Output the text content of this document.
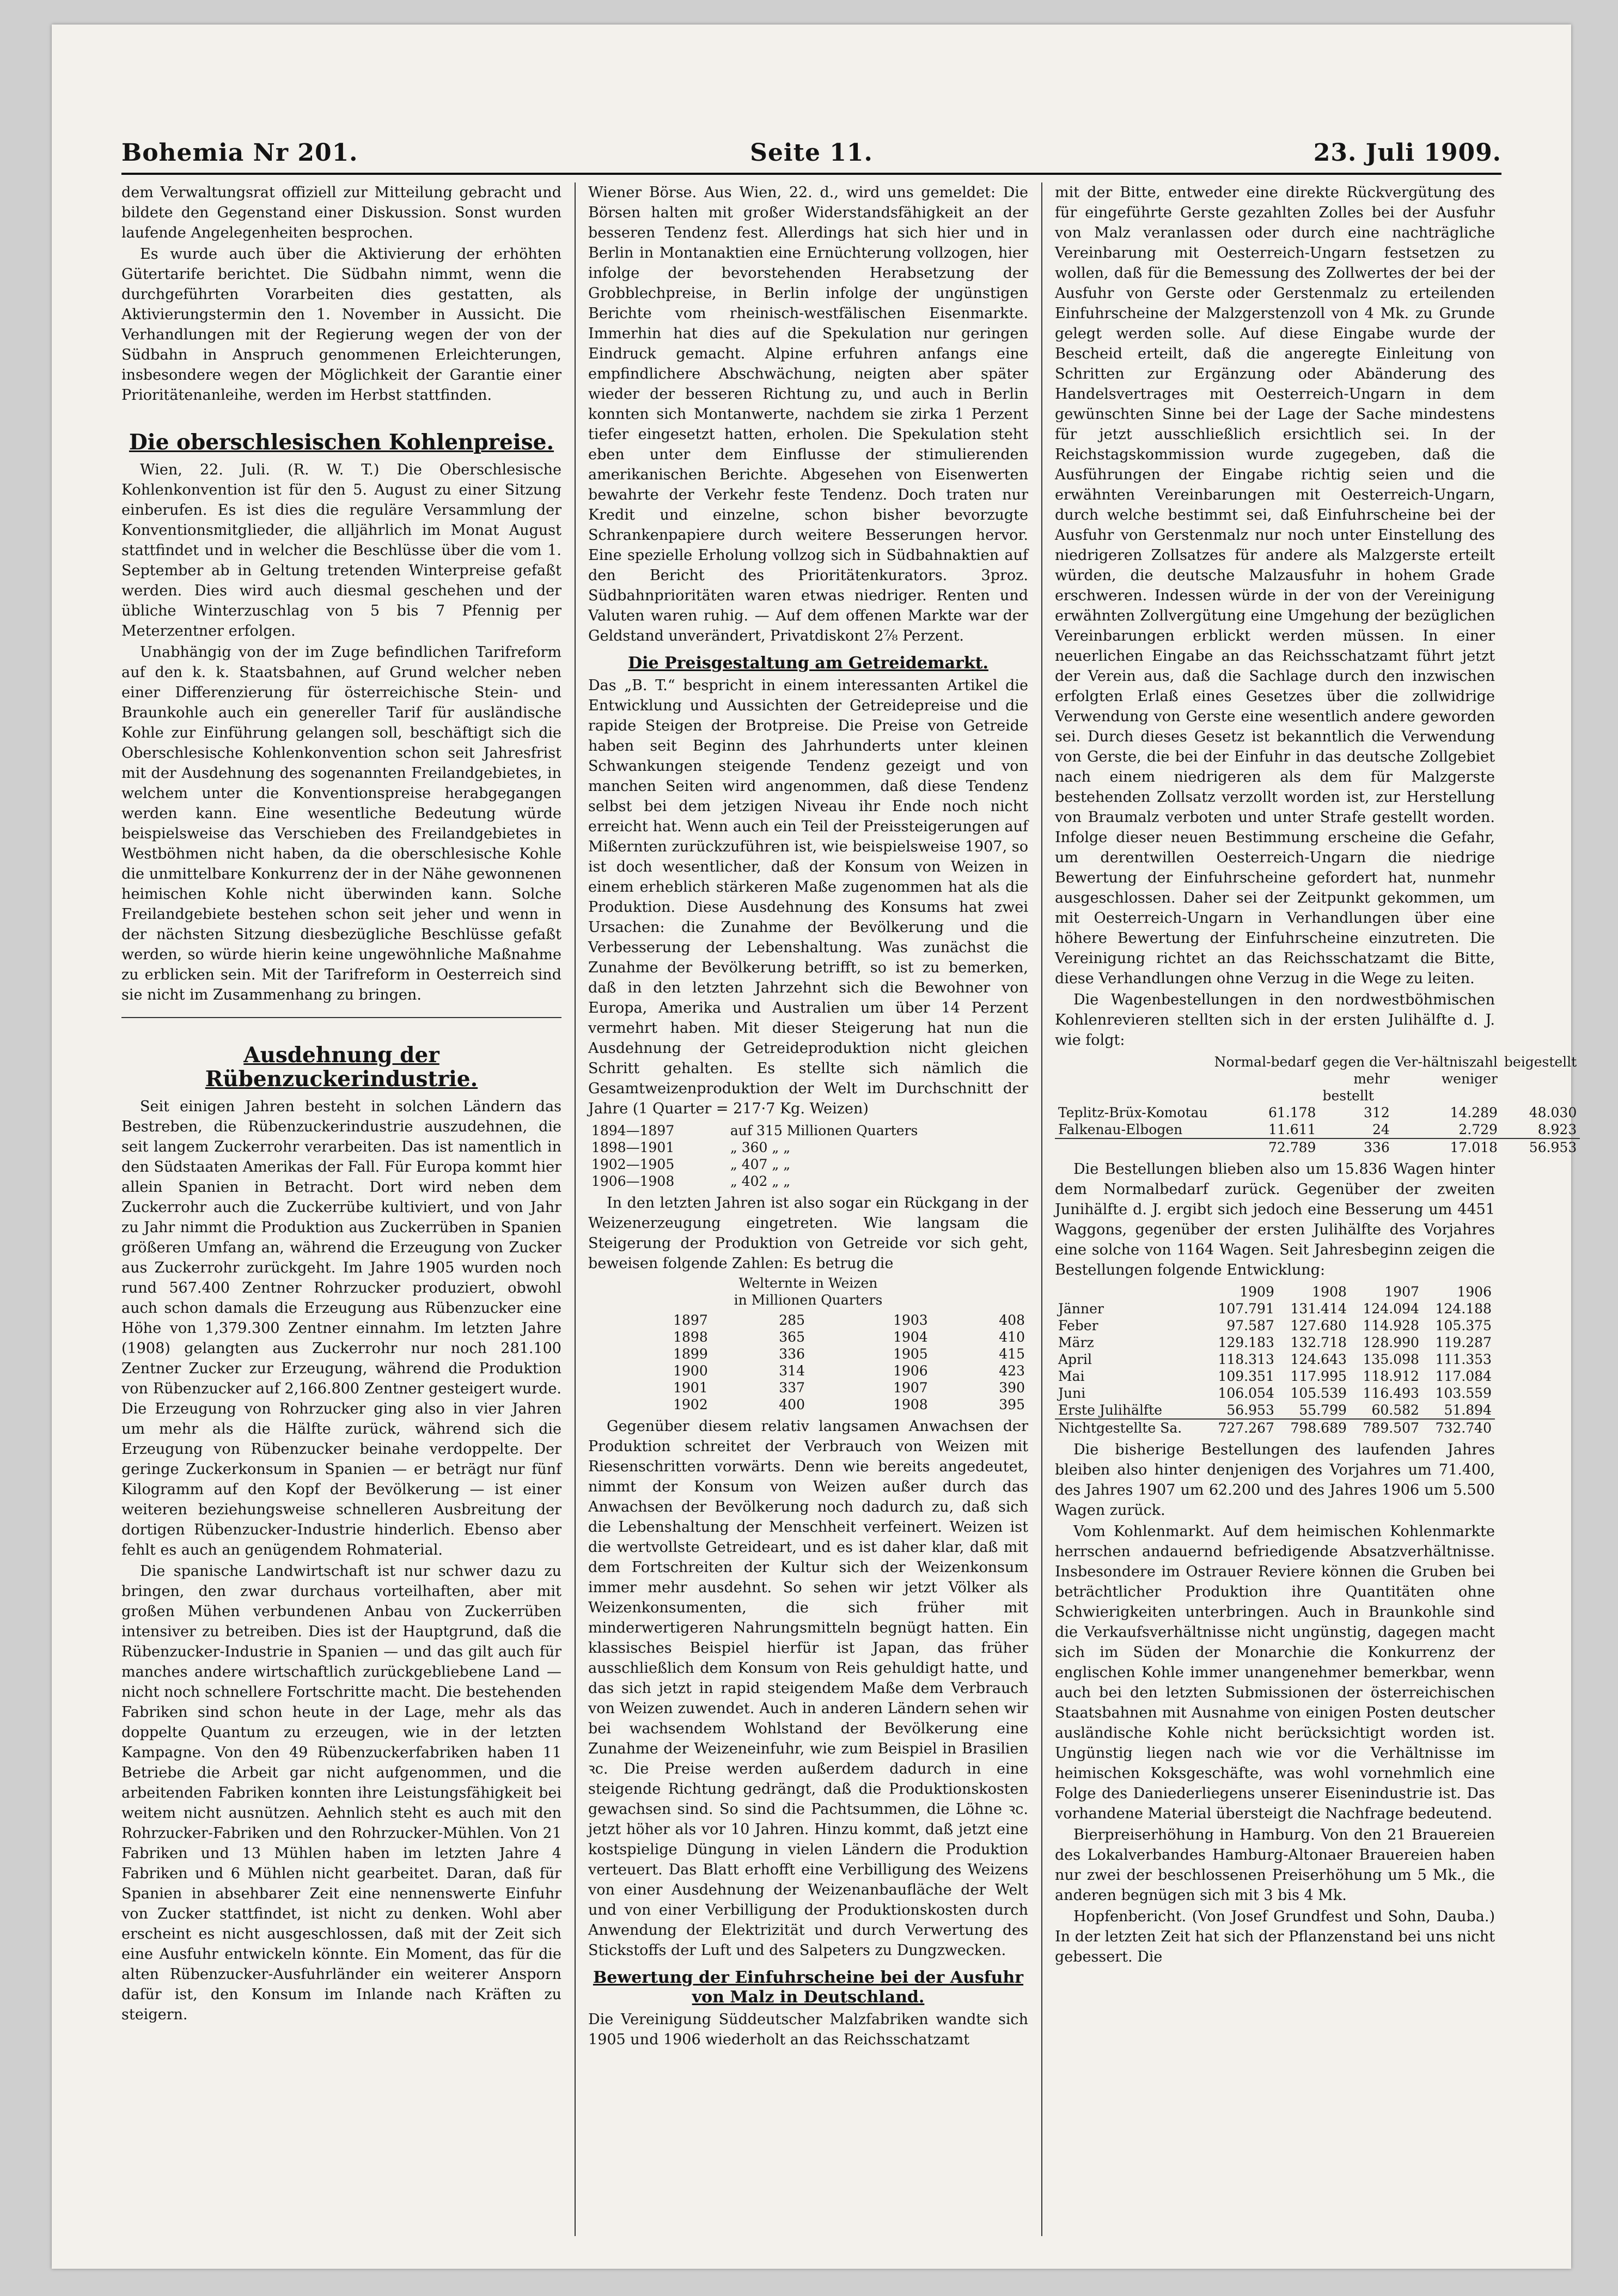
Bohemia Nr 201.	Seite 11.	23. Juli 1909.

dem Verwaltungsrat offiziell zur Mitteilung gebracht und bildete den Gegenstand einer Diskussion. Sonst wurden laufende Angelegenheiten besprochen.

Es wurde auch über die Aktivierung der erhöhten Gütertarife berichtet. Die Südbahn nimmt, wenn die durchgeführten Vorarbeiten dies gestatten, als Aktivierungstermin den 1. November in Aussicht. Die Verhandlungen mit der Regierung wegen der von der Südbahn in Anspruch genommenen Erleichterungen, insbesondere wegen der Möglichkeit der Garantie einer Prioritätenanleihe, werden im Herbst stattfinden.

Die oberschlesischen Kohlenpreise.

Wien, 22. Juli. (R. W. T.) Die Oberschlesische Kohlenkonvention ist für den 5. August zu einer Sitzung einberufen. Es ist dies die reguläre Versammlung der Konventionsmitglieder, die alljährlich im Monat August stattfindet und in welcher die Beschlüsse über die vom 1. September ab in Geltung tretenden Winterpreise gefaßt werden. Dies wird auch diesmal geschehen und der übliche Winterzuschlag von 5 bis 7 Pfennig per Meterzentner erfolgen.

Unabhängig von der im Zuge befindlichen Tarifreform auf den k. k. Staatsbahnen, auf Grund welcher neben einer Differenzierung für österreichische Stein- und Braunkohle auch ein genereller Tarif für ausländische Kohle zur Einführung gelangen soll, beschäftigt sich die Oberschlesische Kohlenkonvention schon seit Jahresfrist mit der Ausdehnung des sogenannten Freilandgebietes, in welchem unter die Konventionspreise herabgegangen werden kann. Eine wesentliche Bedeutung würde beispielsweise das Verschieben des Freilandgebietes in Westböhmen nicht haben, da die oberschlesische Kohle die unmittelbare Konkurrenz der in der Nähe gewonnenen heimischen Kohle nicht überwinden kann. Solche Freilandgebiete bestehen schon seit jeher und wenn in der nächsten Sitzung diesbezügliche Beschlüsse gefaßt werden, so würde hierin keine ungewöhnliche Maßnahme zu erblicken sein. Mit der Tarifreform in Oesterreich sind sie nicht im Zusammenhang zu bringen.

Ausdehnung der Rübenzuckerindustrie.

Seit einigen Jahren besteht in solchen Ländern das Bestreben, die Rübenzuckerindustrie auszudehnen, die seit langem Zuckerrohr verarbeiten. Das ist namentlich in den Südstaaten Amerikas der Fall. Für Europa kommt hier allein Spanien in Betracht. Dort wird neben dem Zuckerrohr auch die Zuckerrübe kultiviert, und von Jahr zu Jahr nimmt die Produktion aus Zuckerrüben in Spanien größeren Umfang an, während die Erzeugung von Zucker aus Zuckerrohr zurückgeht. Im Jahre 1905 wurden noch rund 567.400 Zentner Rohrzucker produziert, obwohl auch schon damals die Erzeugung aus Rübenzucker eine Höhe von 1,379.300 Zentner einnahm. Im letzten Jahre (1908) gelangten aus Zuckerrohr nur noch 281.100 Zentner Zucker zur Erzeugung, während die Produktion von Rübenzucker auf 2,166.800 Zentner gesteigert wurde. Die Erzeugung von Rohrzucker ging also in vier Jahren um mehr als die Hälfte zurück, während sich die Erzeugung von Rübenzucker beinahe verdoppelte. Der geringe Zuckerkonsum in Spanien — er beträgt nur fünf Kilogramm auf den Kopf der Bevölkerung — ist einer weiteren beziehungsweise schnelleren Ausbreitung der dortigen Rübenzucker-Industrie hinderlich. Ebenso aber fehlt es auch an genügendem Rohmaterial.

Die spanische Landwirtschaft ist nur schwer dazu zu bringen, den zwar durchaus vorteilhaften, aber mit großen Mühen verbundenen Anbau von Zuckerrüben intensiver zu betreiben. Dies ist der Hauptgrund, daß die Rübenzucker-Industrie in Spanien — und das gilt auch für manches andere wirtschaftlich zurückgebliebene Land — nicht noch schnellere Fortschritte macht. Die bestehenden Fabriken sind schon heute in der Lage, mehr als das doppelte Quantum zu erzeugen, wie in der letzten Kampagne. Von den 49 Rübenzuckerfabriken haben 11 Betriebe die Arbeit gar nicht aufgenommen, und die arbeitenden Fabriken konnten ihre Leistungsfähigkeit bei weitem nicht ausnützen. Aehnlich steht es auch mit den Rohrzucker-Fabriken und den Rohrzucker-Mühlen. Von 21 Fabriken und 13 Mühlen haben im letzten Jahre 4 Fabriken und 6 Mühlen nicht gearbeitet. Daran, daß für Spanien in absehbarer Zeit eine nennenswerte Einfuhr von Zucker stattfindet, ist nicht zu denken. Wohl aber erscheint es nicht ausgeschlossen, daß mit der Zeit sich eine Ausfuhr entwickeln könnte. Ein Moment, das für die alten Rübenzucker-Ausfuhrländer ein weiterer Ansporn dafür ist, den Konsum im Inlande nach Kräften zu steigern.

Wiener Börse. Aus Wien, 22. d., wird uns gemeldet: Die Börsen halten mit großer Widerstandsfähigkeit an der besseren Tendenz fest. Allerdings hat sich hier und in Berlin in Montanaktien eine Ernüchterung vollzogen, hier infolge der bevorstehenden Herabsetzung der Grobblechpreise, in Berlin infolge der ungünstigen Berichte vom rheinisch-westfälischen Eisenmarkte. Immerhin hat dies auf die Spekulation nur geringen Eindruck gemacht. Alpine erfuhren anfangs eine empfindlichere Abschwächung, neigten aber später wieder der besseren Richtung zu, und auch in Berlin konnten sich Montanwerte, nachdem sie zirka 1 Perzent tiefer eingesetzt hatten, erholen. Die Spekulation steht eben unter dem Einflusse der stimulierenden amerikanischen Berichte. Abgesehen von Eisenwerten bewahrte der Verkehr feste Tendenz. Doch traten nur Kredit und einzelne, schon bisher bevorzugte Schrankenpapiere durch weitere Besserungen hervor. Eine spezielle Erholung vollzog sich in Südbahnaktien auf den Bericht des Prioritätenkurators. 3proz. Südbahnprioritäten waren etwas niedriger. Renten und Valuten waren ruhig. — Auf dem offenen Markte war der Geldstand unverändert, Privatdiskont 2⁷⁄₈ Perzent.

Die Preisgestaltung am Getreidemarkt.

Das „B. T.“ bespricht in einem interessanten Artikel die Entwicklung und Aussichten der Getreidepreise und die rapide Steigen der Brotpreise. Die Preise von Getreide haben seit Beginn des Jahrhunderts unter kleinen Schwankungen steigende Tendenz gezeigt und von manchen Seiten wird angenommen, daß diese Tendenz selbst bei dem jetzigen Niveau ihr Ende noch nicht erreicht hat. Wenn auch ein Teil der Preissteigerungen auf Mißernten zurückzuführen ist, wie beispielsweise 1907, so ist doch wesentlicher, daß der Konsum von Weizen in einem erheblich stärkeren Maße zugenommen hat als die Produktion. Diese Ausdehnung des Konsums hat zwei Ursachen: die Zunahme der Bevölkerung und die Verbesserung der Lebenshaltung. Was zunächst die Zunahme der Bevölkerung betrifft, so ist zu bemerken, daß in den letzten Jahrzehnt sich die Bewohner von Europa, Amerika und Australien um über 14 Perzent vermehrt haben. Mit dieser Steigerung hat nun die Ausdehnung der Getreideproduktion nicht gleichen Schritt gehalten. Es stellte sich nämlich die Gesamtweizenproduktion der Welt im Durchschnitt der Jahre (1 Quarter = 217·7 Kg. Weizen)

1894—1897	auf 315 Millionen Quarters
1898—1901	„ 360 „ „
1902—1905	„ 407 „ „
1906—1908	„ 402 „ „

In den letzten Jahren ist also sogar ein Rückgang in der Weizenerzeugung eingetreten. Wie langsam die Steigerung der Produktion von Getreide vor sich geht, beweisen folgende Zahlen: Es betrug die

Welternte in Weizen
in Millionen Quarters
1897	285	1903	408
1898	365	1904	410
1899	336	1905	415
1900	314	1906	423
1901	337	1907	390
1902	400	1908	395

Gegenüber diesem relativ langsamen Anwachsen der Produktion schreitet der Verbrauch von Weizen mit Riesenschritten vorwärts. Denn wie bereits angedeutet, nimmt der Konsum von Weizen außer durch das Anwachsen der Bevölkerung noch dadurch zu, daß sich die Lebenshaltung der Menschheit verfeinert. Weizen ist die wertvollste Getreideart, und es ist daher klar, daß mit dem Fortschreiten der Kultur sich der Weizenkonsum immer mehr ausdehnt. So sehen wir jetzt Völker als Weizenkonsumenten, die sich früher mit minderwertigeren Nahrungsmitteln begnügt hatten. Ein klassisches Beispiel hierfür ist Japan, das früher ausschließlich dem Konsum von Reis gehuldigt hatte, und das sich jetzt in rapid steigendem Maße dem Verbrauch von Weizen zuwendet. Auch in anderen Ländern sehen wir bei wachsendem Wohlstand der Bevölkerung eine Zunahme der Weizeneinfuhr, wie zum Beispiel in Brasilien ꝛc. Die Preise werden außerdem dadurch in eine steigende Richtung gedrängt, daß die Produktionskosten gewachsen sind. So sind die Pachtsummen, die Löhne ꝛc. jetzt höher als vor 10 Jahren. Hinzu kommt, daß jetzt eine kostspielige Düngung in vielen Ländern die Produktion verteuert. Das Blatt erhofft eine Verbilligung des Weizens von einer Ausdehnung der Weizenanbaufläche der Welt und von einer Verbilligung der Produktionskosten durch Anwendung der Elektrizität und durch Verwertung des Stickstoffs der Luft und des Salpeters zu Dungzwecken.

Bewertung der Einfuhrscheine bei der Ausfuhr von Malz in Deutschland.

Die Vereinigung Süddeutscher Malzfabriken wandte sich 1905 und 1906 wiederholt an das Reichsschatzamt

mit der Bitte, entweder eine direkte Rückvergütung des für eingeführte Gerste gezahlten Zolles bei der Ausfuhr von Malz veranlassen oder durch eine nachträgliche Vereinbarung mit Oesterreich-Ungarn festsetzen zu wollen, daß für die Bemessung des Zollwertes der bei der Ausfuhr von Gerste oder Gerstenmalz zu erteilenden Einfuhrscheine der Malzgerstenzoll von 4 Mk. zu Grunde gelegt werden solle. Auf diese Eingabe wurde der Bescheid erteilt, daß die angeregte Einleitung von Schritten zur Ergänzung oder Abänderung des Handelsvertrages mit Oesterreich-Ungarn in dem gewünschten Sinne bei der Lage der Sache mindestens für jetzt ausschließlich ersichtlich sei. In der Reichstagskommission wurde zugegeben, daß die Ausführungen der Eingabe richtig seien und die erwähnten Vereinbarungen mit Oesterreich-Ungarn, durch welche bestimmt sei, daß Einfuhrscheine bei der Ausfuhr von Gerstenmalz nur noch unter Einstellung des niedrigeren Zollsatzes für andere als Malzgerste erteilt würden, die deutsche Malzausfuhr in hohem Grade erschweren. Indessen würde in der von der Vereinigung erwähnten Zollvergütung eine Umgehung der bezüglichen Vereinbarungen erblickt werden müssen. In einer neuerlichen Eingabe an das Reichsschatzamt führt jetzt der Verein aus, daß die Sachlage durch den inzwischen erfolgten Erlaß eines Gesetzes über die zollwidrige Verwendung von Gerste eine wesentlich andere geworden sei. Durch dieses Gesetz ist bekanntlich die Verwendung von Gerste, die bei der Einfuhr in das deutsche Zollgebiet nach einem niedrigeren als dem für Malzgerste bestehenden Zollsatz verzollt worden ist, zur Herstellung von Braumalz verboten und unter Strafe gestellt worden. Infolge dieser neuen Bestimmung erscheine die Gefahr, um derentwillen Oesterreich-Ungarn die niedrige Bewertung der Einfuhrscheine gefordert hat, nunmehr ausgeschlossen. Daher sei der Zeitpunkt gekommen, um mit Oesterreich-Ungarn in Verhandlungen über eine höhere Bewertung der Einfuhrscheine einzutreten. Die Vereinigung richtet an das Reichsschatzamt die Bitte, diese Verhandlungen ohne Verzug in die Wege zu leiten.

Die Wagenbestellungen in den nordwestböhmischen Kohlenrevieren stellten sich in der ersten Julihälfte d. J. wie folgt:

	Normal-bedarf	gegen die Ver-hältniszahl		beigestellt
		mehr	weniger	
		bestellt		
Teplitz-Brüx-Komotau	61.178	312	14.289	48.030
Falkenau-Elbogen	11.611	24	2.729	8.923
	72.789	336	17.018	56.953

Die Bestellungen blieben also um 15.836 Wagen hinter dem Normalbedarf zurück. Gegenüber der zweiten Junihälfte d. J. ergibt sich jedoch eine Besserung um 4451 Waggons, gegenüber der ersten Julihälfte des Vorjahres eine solche von 1164 Wagen. Seit Jahresbeginn zeigen die Bestellungen folgende Entwicklung:

	1909	1908	1907	1906
Jänner	107.791	131.414	124.094	124.188
Feber	97.587	127.680	114.928	105.375
März	129.183	132.718	128.990	119.287
April	118.313	124.643	135.098	111.353
Mai	109.351	117.995	118.912	117.084
Juni	106.054	105.539	116.493	103.559
Erste Julihälfte	56.953	55.799	60.582	51.894
Nichtgestellte Sa.	727.267	798.689	789.507	732.740

Die bisherige Bestellungen des laufenden Jahres bleiben also hinter denjenigen des Vorjahres um 71.400, des Jahres 1907 um 62.200 und des Jahres 1906 um 5.500 Wagen zurück.

Vom Kohlenmarkt. Auf dem heimischen Kohlenmarkte herrschen andauernd befriedigende Absatzverhältnisse. Insbesondere im Ostrauer Reviere können die Gruben bei beträchtlicher Produktion ihre Quantitäten ohne Schwierigkeiten unterbringen. Auch in Braunkohle sind die Verkaufsverhältnisse nicht ungünstig, dagegen macht sich im Süden der Monarchie die Konkurrenz der englischen Kohle immer unangenehmer bemerkbar, wenn auch bei den letzten Submissionen der österreichischen Staatsbahnen mit Ausnahme von einigen Posten deutscher ausländische Kohle nicht berücksichtigt worden ist. Ungünstig liegen nach wie vor die Verhältnisse im heimischen Koksgeschäfte, was wohl vornehmlich eine Folge des Daniederliegens unserer Eisenindustrie ist. Das vorhandene Material übersteigt die Nachfrage bedeutend.

Bierpreiserhöhung in Hamburg. Von den 21 Brauereien des Lokalverbandes Hamburg-Altonaer Brauereien haben nur zwei der beschlossenen Preiserhöhung um 5 Mk., die anderen begnügen sich mit 3 bis 4 Mk.

Hopfenbericht. (Von Josef Grundfest und Sohn, Dauba.) In der letzten Zeit hat sich der Pflanzenstand bei uns nicht gebessert. Die
